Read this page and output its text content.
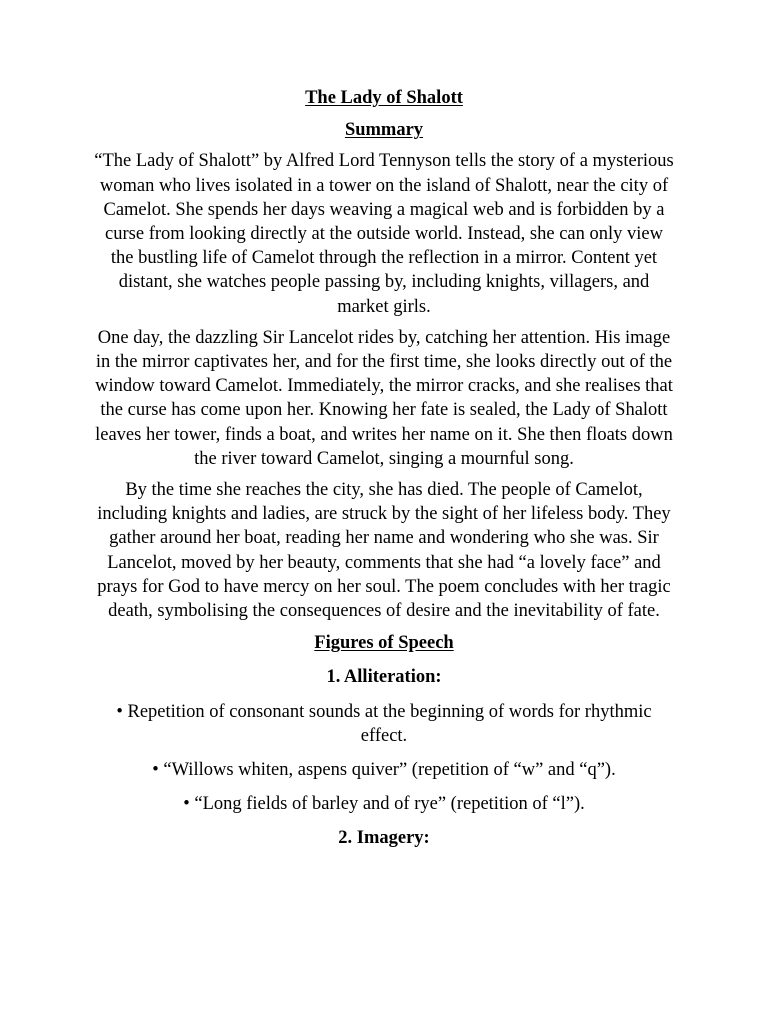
The Lady of Shalott

Summary

“The Lady of Shalott” by Alfred Lord Tennyson tells the story of a mysterious woman who lives isolated in a tower on the island of Shalott, near the city of Camelot. She spends her days weaving a magical web and is forbidden by a curse from looking directly at the outside world. Instead, she can only view the bustling life of Camelot through the reflection in a mirror. Content yet distant, she watches people passing by, including knights, villagers, and market girls.

One day, the dazzling Sir Lancelot rides by, catching her attention. His image in the mirror captivates her, and for the first time, she looks directly out of the window toward Camelot. Immediately, the mirror cracks, and she realises that the curse has come upon her. Knowing her fate is sealed, the Lady of Shalott leaves her tower, finds a boat, and writes her name on it. She then floats down the river toward Camelot, singing a mournful song.

By the time she reaches the city, she has died. The people of Camelot, including knights and ladies, are struck by the sight of her lifeless body. They gather around her boat, reading her name and wondering who she was. Sir Lancelot, moved by her beauty, comments that she had “a lovely face” and prays for God to have mercy on her soul. The poem concludes with her tragic death, symbolising the consequences of desire and the inevitability of fate.

Figures of Speech

1. Alliteration:

• Repetition of consonant sounds at the beginning of words for rhythmic effect.

• “Willows whiten, aspens quiver” (repetition of “w” and “q”).

• “Long fields of barley and of rye” (repetition of “l”).

2. Imagery:
